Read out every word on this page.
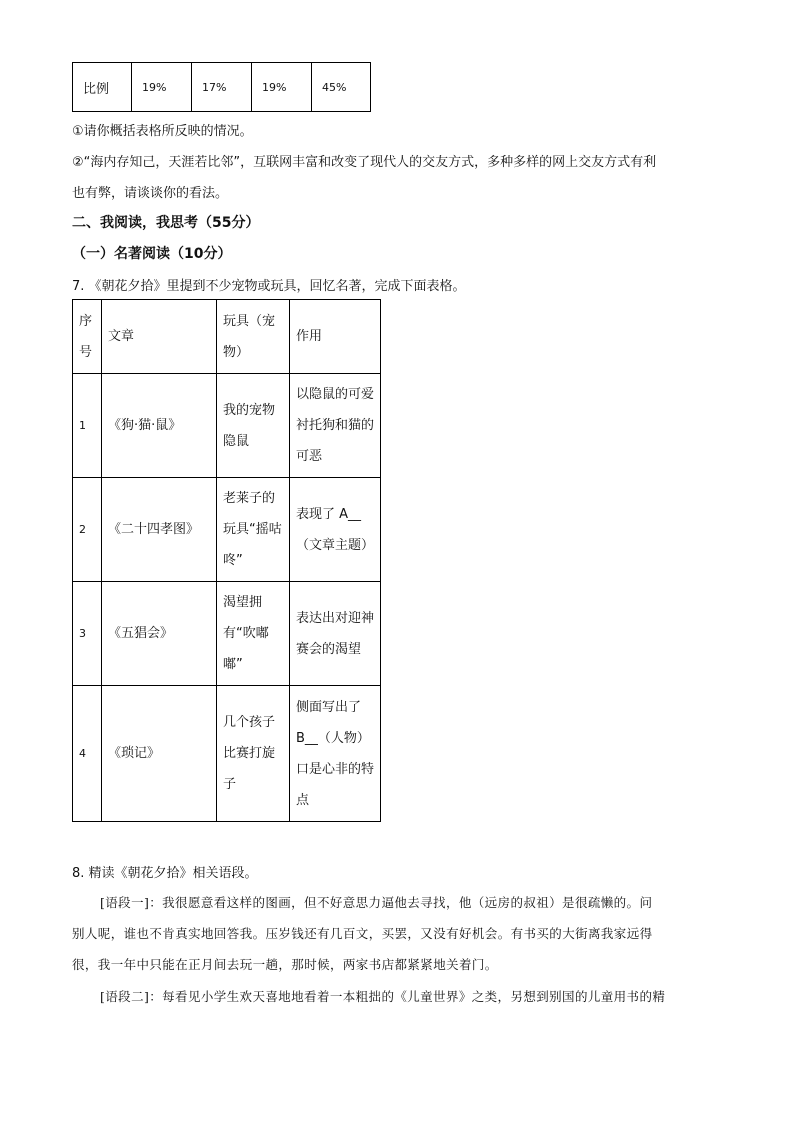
比例	19%	17%	19%	45%
①请你概括表格所反映的情况。
②“海内存知己，天涯若比邻”，互联网丰富和改变了现代人的交友方式，多种多样的网上交友方式有利
也有弊，请谈谈你的看法。
二、我阅读，我思考（55分）
（一）名著阅读（10分）
7. 《朝花夕拾》里提到不少宠物或玩具，回忆名著，完成下面表格。
序号	文章	玩具（宠物）	作用
1	《狗·猫·鼠》	我的宠物隐鼠	以隐鼠的可爱衬托狗和猫的可恶
2	《二十四孝图》	老莱子的玩具“摇咕咚”	表现了 A__（文章主题）
3	《五猖会》	渴望拥有“吹嘟嘟”	表达出对迎神赛会的渴望
4	《琐记》	几个孩子比赛打旋子	侧面写出了 B__（人物）口是心非的特点
8. 精读《朝花夕拾》相关语段。
[语段一]：我很愿意看这样的图画，但不好意思力逼他去寻找，他（远房的叔祖）是很疏懒的。问
别人呢，谁也不肯真实地回答我。压岁钱还有几百文，买罢，又没有好机会。有书买的大街离我家远得
很，我一年中只能在正月间去玩一趟，那时候，两家书店都紧紧地关着门。
[语段二]：每看见小学生欢天喜地地看着一本粗拙的《儿童世界》之类，另想到别国的儿童用书的精
